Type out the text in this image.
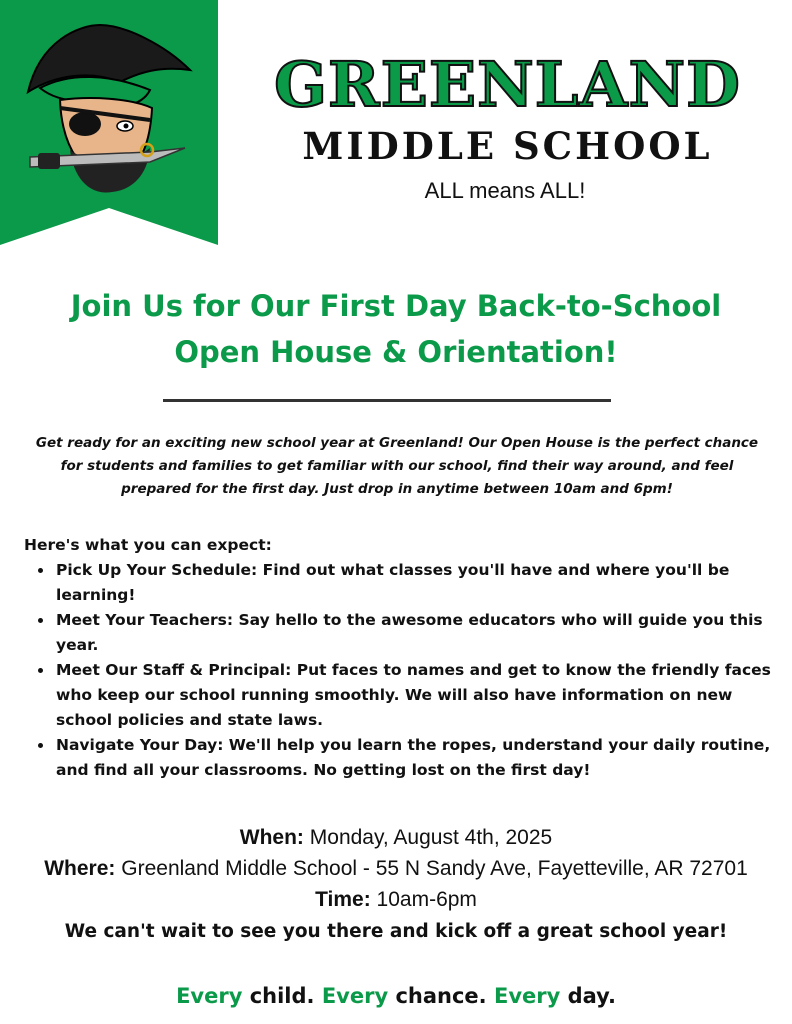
GREENLAND
MIDDLE SCHOOL
ALL means ALL!
Join Us for Our First Day Back-to-School
Open House & Orientation!
Get ready for an exciting new school year at Greenland! Our Open House is the perfect chance for students and families to get familiar with our school, find their way around, and feel prepared for the first day. Just drop in anytime between 10am and 6pm!
Here's what you can expect:
• Pick Up Your Schedule: Find out what classes you'll have and where you'll be learning!
• Meet Your Teachers: Say hello to the awesome educators who will guide you this year.
• Meet Our Staff & Principal: Put faces to names and get to know the friendly faces who keep our school running smoothly. We will also have information on new school policies and state laws.
• Navigate Your Day: We'll help you learn the ropes, understand your daily routine, and find all your classrooms. No getting lost on the first day!
When: Monday, August 4th, 2025
Where: Greenland Middle School - 55 N Sandy Ave, Fayetteville, AR 72701
Time: 10am-6pm
We can't wait to see you there and kick off a great school year!
Every child. Every chance. Every day.
